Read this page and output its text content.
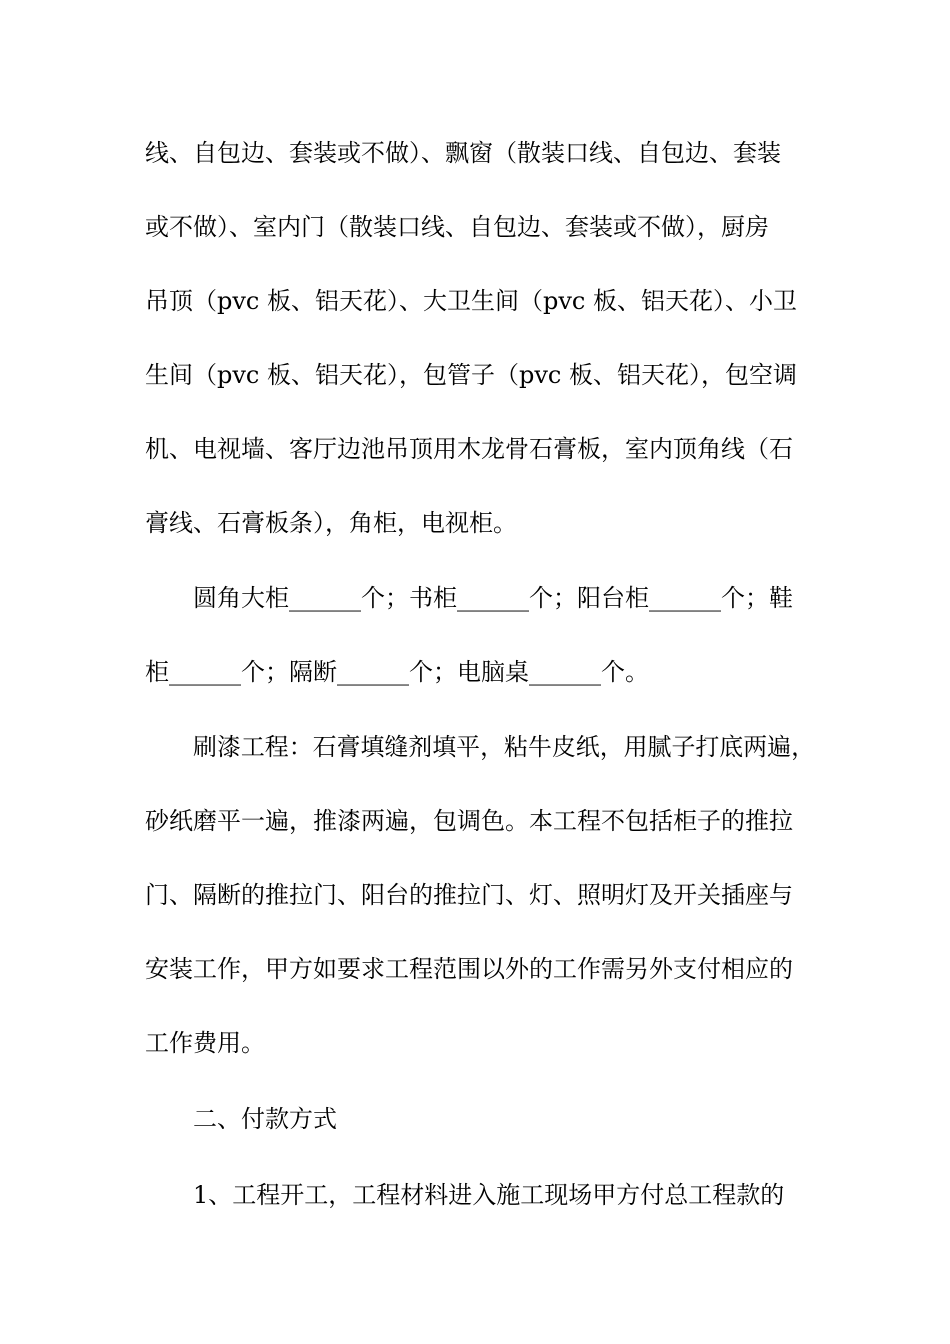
线、自包边、套装或不做）、飘窗（散装口线、自包边、套装
或不做）、室内门（散装口线、自包边、套装或不做），厨房
吊顶（pvc 板、铝天花）、大卫生间（pvc 板、铝天花）、小卫
生间（pvc 板、铝天花），包管子（pvc 板、铝天花），包空调
机、电视墙、客厅边池吊顶用木龙骨石膏板，室内顶角线（石
膏线、石膏板条），角柜，电视柜。
圆角大柜______个；书柜______个；阳台柜______个；鞋
柜______个；隔断______个；电脑桌______个。
刷漆工程：石膏填缝剂填平，粘牛皮纸，用腻子打底两遍，
砂纸磨平一遍，推漆两遍，包调色。本工程不包括柜子的推拉
门、隔断的推拉门、阳台的推拉门、灯、照明灯及开关插座与
安装工作，甲方如要求工程范围以外的工作需另外支付相应的
工作费用。
二、付款方式
1、工程开工，工程材料进入施工现场甲方付总工程款的
